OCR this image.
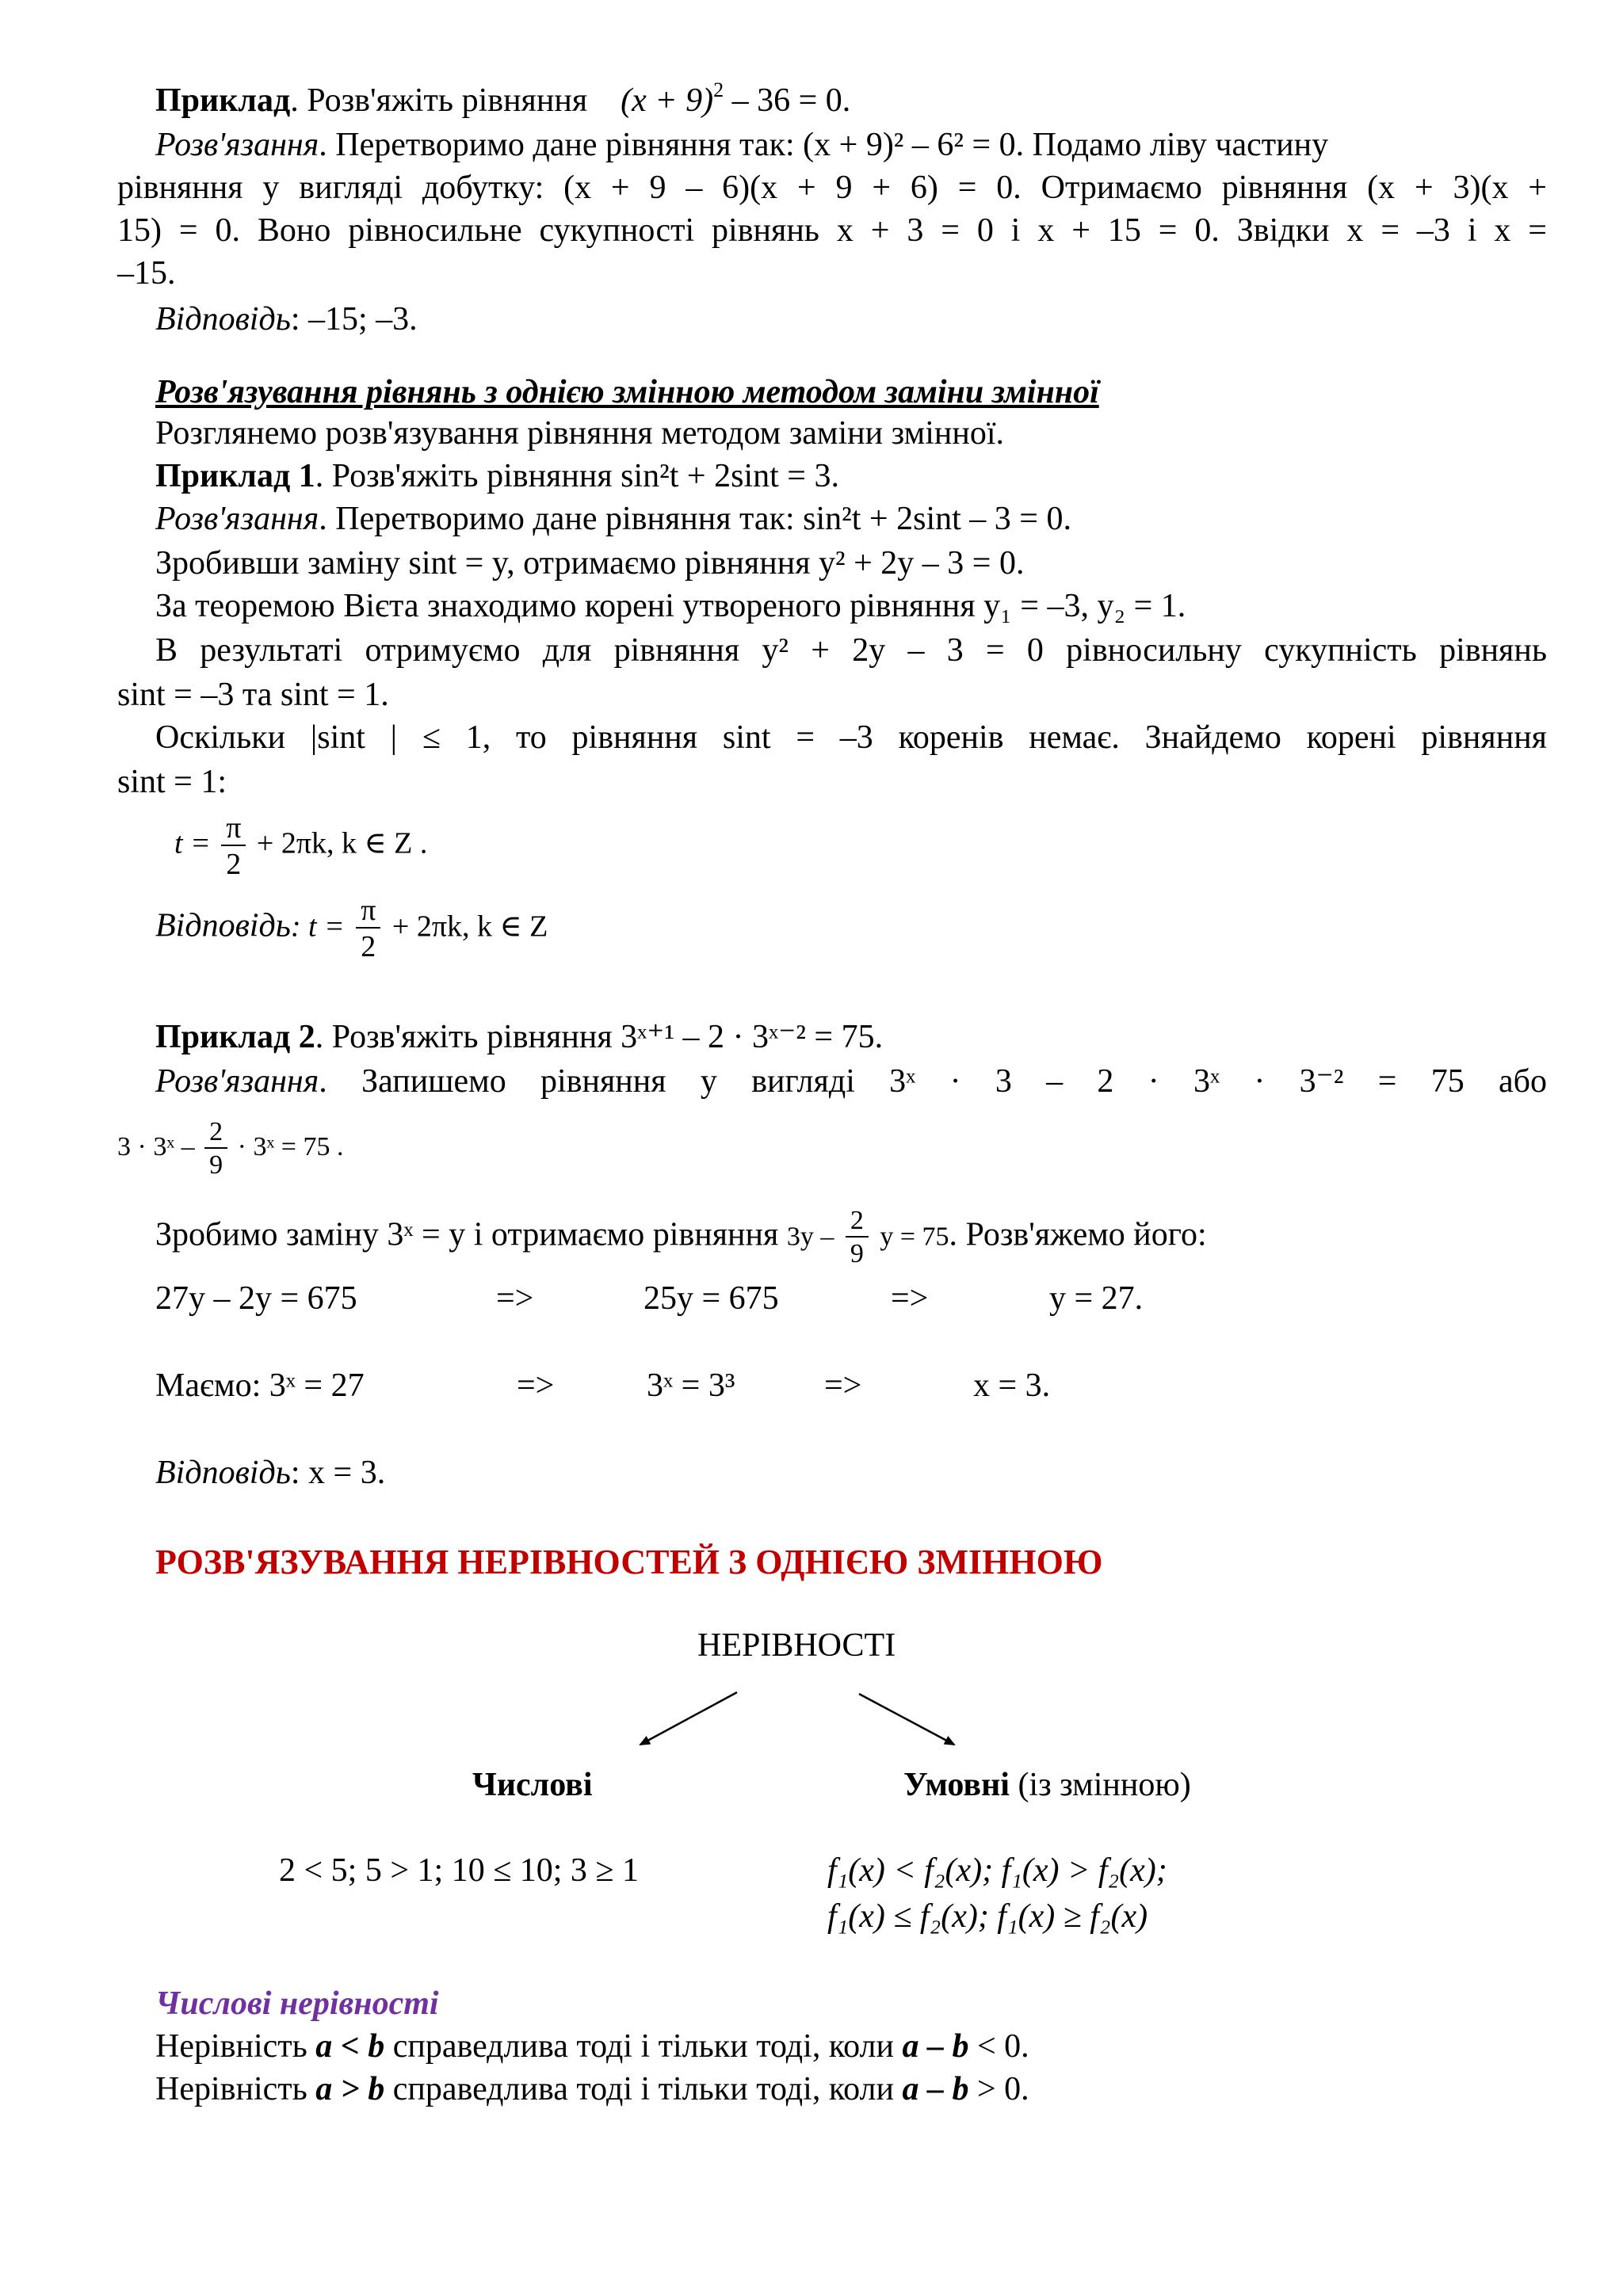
Приклад. Розв'яжіть рівняння $(x + 9)^2 - 36 = 0$.
Розв'язання. Перетворимо дане рівняння так: (x + 9)² – 6² = 0. Подамо ліву частину
рівняння у вигляді добутку: (x + 9 – 6)(x + 9 + 6) = 0. Отримаємо рівняння (x + 3)(x +
15) = 0. Воно рівносильне сукупності рівнянь x + 3 = 0 і x + 15 = 0. Звідки x = –3 і x =
–15.
Відповідь: –15; –3.
Розв'язування рівнянь з однією змінною методом заміни змінної
Розглянемо розв'язування рівняння методом заміни змінної.
Приклад 1. Розв'яжіть рівняння sin²t + 2sint = 3.
Розв'язання. Перетворимо дане рівняння так: sin²t + 2sint – 3 = 0.
Зробивши заміну sint = y, отримаємо рівняння y² + 2y – 3 = 0.
За теоремою Вієта знаходимо корені утвореного рівняння y₁ = –3, y₂ = 1.
В результаті отримуємо для рівняння y² + 2y – 3 = 0 рівносильну сукупність рівнянь
sint = –3 та sint = 1.
Оскільки |sint | ≤ 1, то рівняння sint = –3 коренів немає. Знайдемо корені рівняння
sint = 1:
$t = \frac{\pi}{2} + 2\pi k$, k ∈ Z .
Відповідь: $t = \frac{\pi}{2} + 2\pi k$, k ∈ Z
Приклад 2. Розв'яжіть рівняння 3ˣ⁺¹ – 2 · 3ˣ⁻² = 75.
Розв'язання. Запишемо рівняння у вигляді 3ˣ · 3 – 2 · 3ˣ · 3⁻² = 75 або
3 · 3ˣ – $\frac{2}{9}$ · 3ˣ = 75 .
Зробимо заміну 3ˣ = y і отримаємо рівняння $3y - \frac{2}{9}$ y = 75. Розв'яжемо його:
27y – 2y = 675	=>	25y = 675	=>	y = 27.
Маємо: 3ˣ = 27	=>	3ˣ = 3³	=>	x = 3.
Відповідь: x = 3.
РОЗВ'ЯЗУВАННЯ НЕРІВНОСТЕЙ З ОДНІЄЮ ЗМІННОЮ
НЕРІВНОСТІ
Числові	Умовні (із змінною)
2 < 5; 5 > 1; 10 ≤ 10; 3 ≥ 1	f₁(x) < f₂(x); f₁(x) > f₂(x);
f₁(x) ≤ f₂(x); f₁(x) ≥ f₂(x)
Числові нерівності
Нерівність a < b справедлива тоді і тільки тоді, коли a – b < 0.
Нерівність a > b справедлива тоді і тільки тоді, коли a – b > 0.
